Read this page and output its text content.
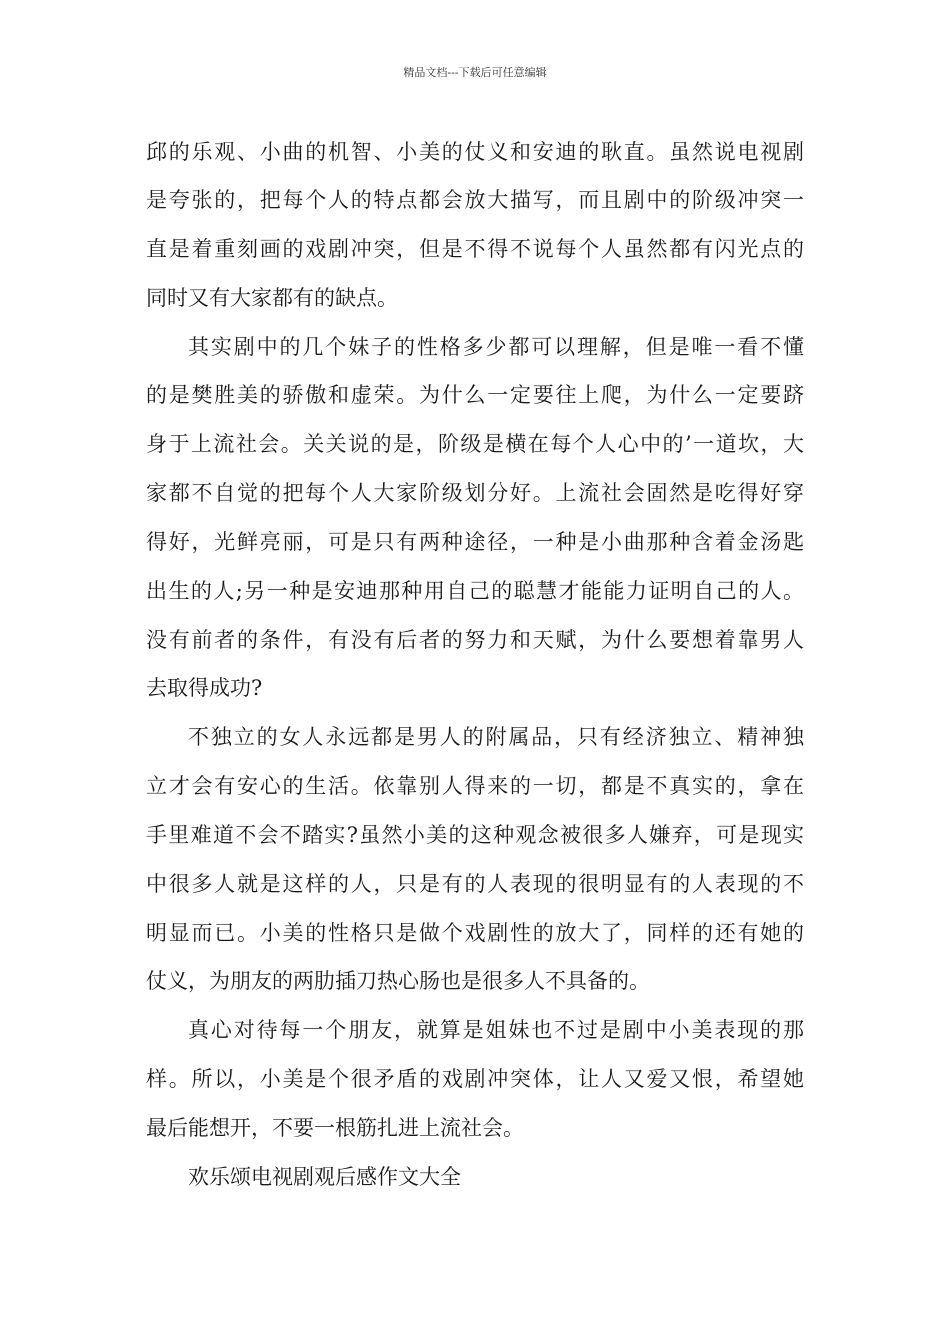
精品文档---下载后可任意编辑
邱的乐观、小曲的机智、小美的仗义和安迪的耿直。虽然说电视剧
是夸张的，把每个人的特点都会放大描写，而且剧中的阶级冲突一
直是着重刻画的戏剧冲突，但是不得不说每个人虽然都有闪光点的
同时又有大家都有的缺点。
其实剧中的几个妹子的性格多少都可以理解，但是唯一看不懂
的是樊胜美的骄傲和虚荣。为什么一定要往上爬，为什么一定要跻
身于上流社会。关关说的是，阶级是横在每个人心中的’一道坎，大
家都不自觉的把每个人大家阶级划分好。上流社会固然是吃得好穿
得好，光鲜亮丽，可是只有两种途径，一种是小曲那种含着金汤匙
出生的人;另一种是安迪那种用自己的聪慧才能能力证明自己的人。
没有前者的条件，有没有后者的努力和天赋，为什么要想着靠男人
去取得成功?
不独立的女人永远都是男人的附属品，只有经济独立、精神独
立才会有安心的生活。依靠别人得来的一切，都是不真实的，拿在
手里难道不会不踏实?虽然小美的这种观念被很多人嫌弃，可是现实
中很多人就是这样的人，只是有的人表现的很明显有的人表现的不
明显而已。小美的性格只是做个戏剧性的放大了，同样的还有她的
仗义，为朋友的两肋插刀热心肠也是很多人不具备的。
真心对待每一个朋友，就算是姐妹也不过是剧中小美表现的那
样。所以，小美是个很矛盾的戏剧冲突体，让人又爱又恨，希望她
最后能想开，不要一根筋扎进上流社会。
欢乐颂电视剧观后感作文大全
